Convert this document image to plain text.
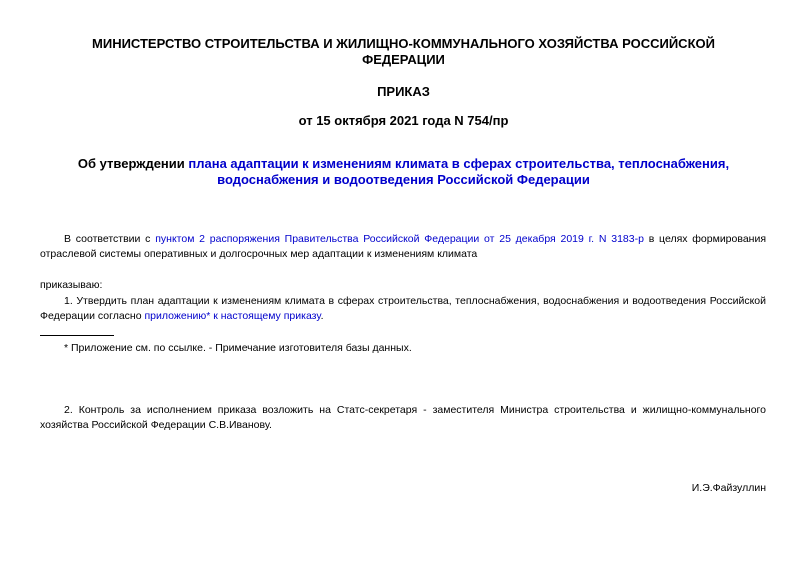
МИНИСТЕРСТВО СТРОИТЕЛЬСТВА И ЖИЛИЩНО-КОММУНАЛЬНОГО ХОЗЯЙСТВА РОССИЙСКОЙ ФЕДЕРАЦИИ
ПРИКАЗ
от 15 октября 2021 года N 754/пр
Об утверждении плана адаптации к изменениям климата в сферах строительства, теплоснабжения, водоснабжения и водоотведения Российской Федерации
В соответствии с пунктом 2 распоряжения Правительства Российской Федерации от 25 декабря 2019 г. N 3183-р в целях формирования отраслевой системы оперативных и долгосрочных мер адаптации к изменениям климата
приказываю:
1. Утвердить план адаптации к изменениям климата в сферах строительства, теплоснабжения, водоснабжения и водоотведения Российской Федерации согласно приложению* к настоящему приказу.
* Приложение см. по ссылке. - Примечание изготовителя базы данных.
2. Контроль за исполнением приказа возложить на Статс-секретаря - заместителя Министра строительства и жилищно-коммунального хозяйства Российской Федерации С.В.Иванову.
И.Э.Файзуллин
